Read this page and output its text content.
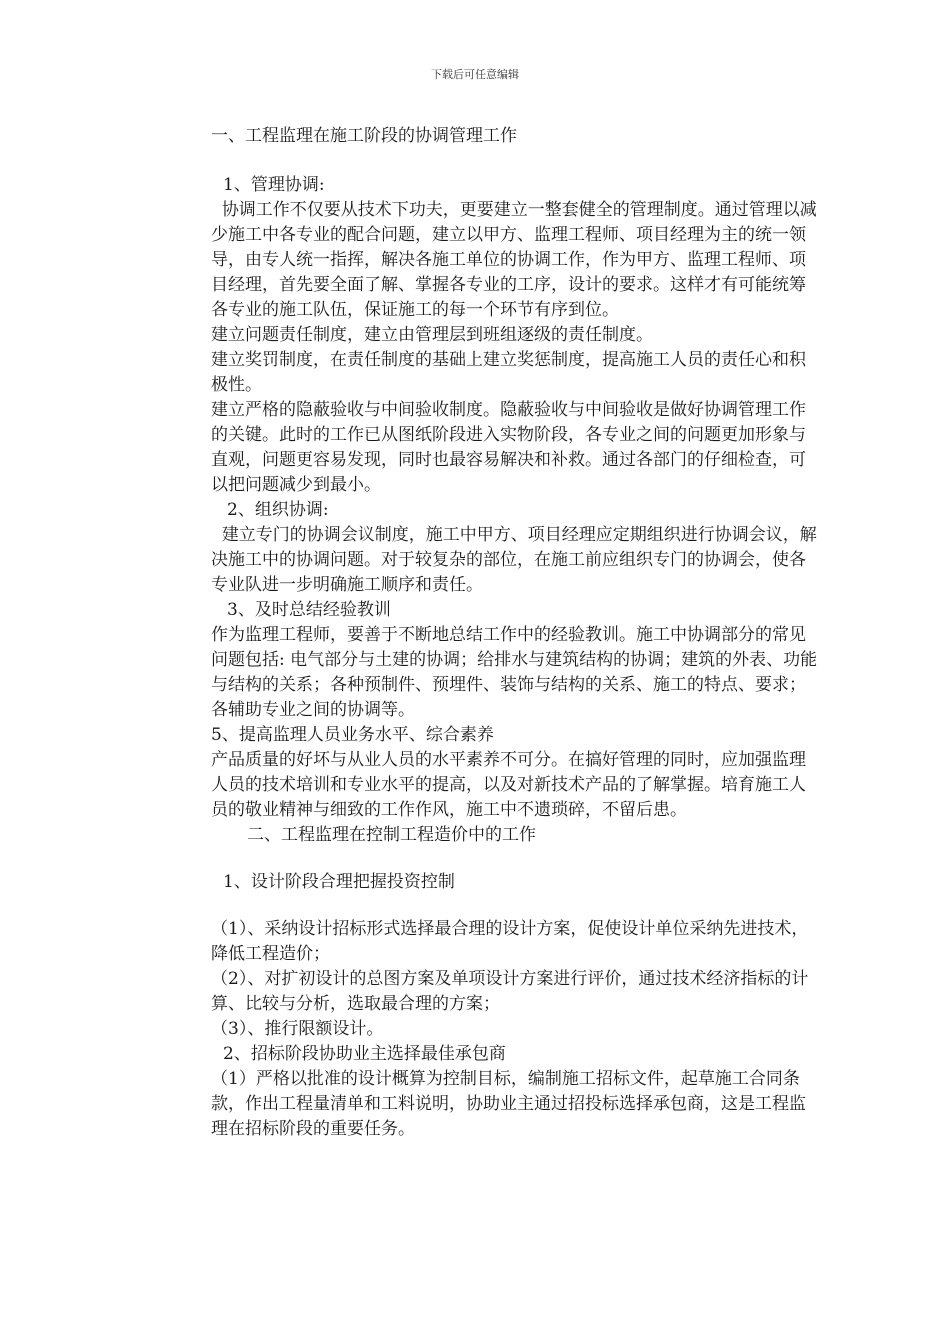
下载后可任意编辑

一、工程监理在施工阶段的协调管理工作

1、管理协调:

协调工作不仅要从技术下功夫，更要建立一整套健全的管理制度。通过管理以减少施工中各专业的配合问题，建立以甲方、监理工程师、项目经理为主的统一领导，由专人统一指挥，解决各施工单位的协调工作，作为甲方、监理工程师、项目经理，首先要全面了解、掌握各专业的工序，设计的要求。这样才有可能统筹各专业的施工队伍，保证施工的每一个环节有序到位。

建立问题责任制度，建立由管理层到班组逐级的责任制度。

建立奖罚制度，在责任制度的基础上建立奖惩制度，提高施工人员的责任心和积极性。

建立严格的隐蔽验收与中间验收制度。隐蔽验收与中间验收是做好协调管理工作的关键。此时的工作已从图纸阶段进入实物阶段，各专业之间的问题更加形象与直观，问题更容易发现，同时也最容易解决和补救。通过各部门的仔细检查，可以把问题减少到最小。

2、组织协调:

建立专门的协调会议制度，施工中甲方、项目经理应定期组织进行协调会议，解决施工中的协调问题。对于较复杂的部位，在施工前应组织专门的协调会，使各专业队进一步明确施工顺序和责任。

3、及时总结经验教训

作为监理工程师，要善于不断地总结工作中的经验教训。施工中协调部分的常见问题包括: 电气部分与土建的协调；给排水与建筑结构的协调；建筑的外表、功能与结构的关系；各种预制件、预埋件、装饰与结构的关系、施工的特点、要求；各辅助专业之间的协调等。

5、提高监理人员业务水平、综合素养

产品质量的好坏与从业人员的水平素养不可分。在搞好管理的同时，应加强监理人员的技术培训和专业水平的提高，以及对新技术产品的了解掌握。培育施工人员的敬业精神与细致的工作作风，施工中不遗琐碎，不留后患。

二、工程监理在控制工程造价中的工作

1、设计阶段合理把握投资控制

（1）、采纳设计招标形式选择最合理的设计方案，促使设计单位采纳先进技术，降低工程造价；

（2）、对扩初设计的总图方案及单项设计方案进行评价，通过技术经济指标的计算、比较与分析，选取最合理的方案；

（3）、推行限额设计。

2、招标阶段协助业主选择最佳承包商

（1）严格以批准的设计概算为控制目标，编制施工招标文件，起草施工合同条款，作出工程量清单和工料说明，协助业主通过招投标选择承包商，这是工程监理在招标阶段的重要任务。
